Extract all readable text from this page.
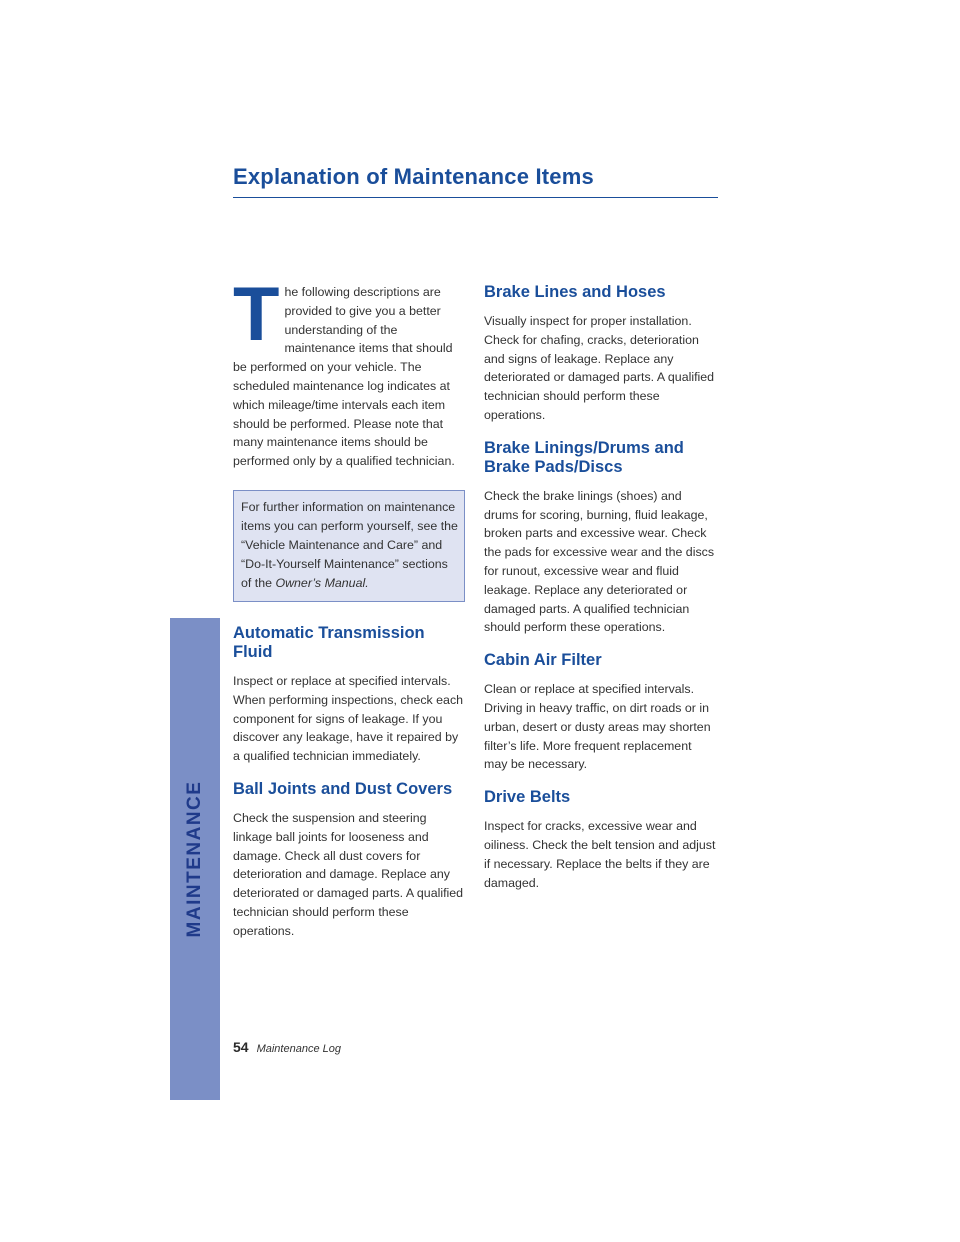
MAINTENANCE
Explanation of Maintenance Items

The following descriptions are provided to give you a better understanding of the maintenance items that should be performed on your vehicle. The scheduled maintenance log indicates at which mileage/time intervals each item should be performed. Please note that many maintenance items should be performed only by a qualified technician.

For further information on maintenance items you can perform yourself, see the “Vehicle Maintenance and Care” and “Do-It-Yourself Maintenance” sections of the Owner’s Manual.

Automatic Transmission Fluid

Inspect or replace at specified intervals. When performing inspections, check each component for signs of leakage. If you discover any leakage, have it repaired by a qualified technician immediately.

Ball Joints and Dust Covers

Check the suspension and steering linkage ball joints for looseness and damage. Check all dust covers for deterioration and damage. Replace any deteriorated or damaged parts. A qualified technician should perform these operations.

Brake Lines and Hoses

Visually inspect for proper installation. Check for chafing, cracks, deterioration and signs of leakage. Replace any deteriorated or damaged parts. A qualified technician should perform these operations.

Brake Linings/Drums and Brake Pads/Discs

Check the brake linings (shoes) and drums for scoring, burning, fluid leakage, broken parts and excessive wear. Check the pads for excessive wear and the discs for runout, excessive wear and fluid leakage. Replace any deteriorated or damaged parts. A qualified technician should perform these operations.

Cabin Air Filter

Clean or replace at specified intervals. Driving in heavy traffic, on dirt roads or in urban, desert or dusty areas may shorten filter’s life. More frequent replacement may be necessary.

Drive Belts

Inspect for cracks, excessive wear and oiliness. Check the belt tension and adjust if necessary. Replace the belts if they are damaged.

54 Maintenance Log
